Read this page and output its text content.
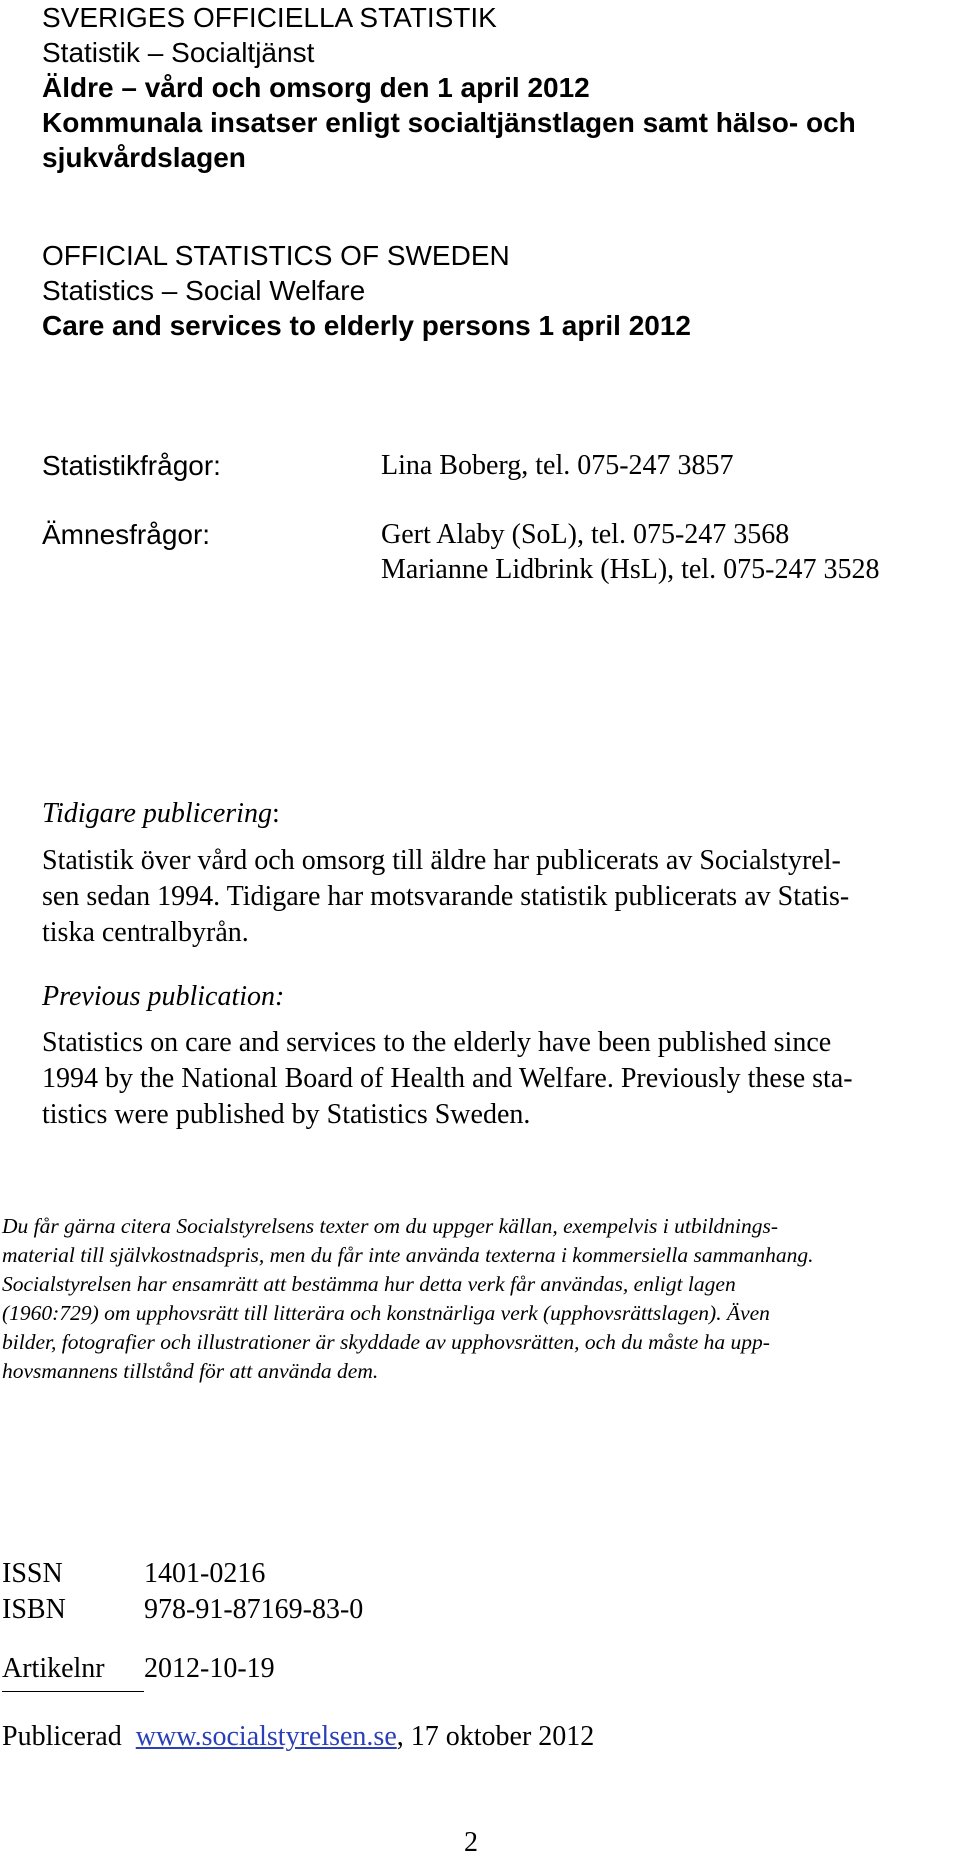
SVERIGES OFFICIELLA STATISTIK
Statistik – Socialtjänst
Äldre – vård och omsorg den 1 april 2012
Kommunala insatser enligt socialtjänstlagen samt hälso- och
sjukvårdslagen
OFFICIAL STATISTICS OF SWEDEN
Statistics – Social Welfare
Care and services to elderly persons 1 april 2012
Statistikfrågor:	Lina Boberg, tel. 075-247 3857
Ämnesfrågor:	Gert Alaby (SoL), tel. 075-247 3568
Marianne Lidbrink (HsL), tel. 075-247 3528
Tidigare publicering:
Statistik över vård och omsorg till äldre har publicerats av Socialstyrel-
sen sedan 1994. Tidigare har motsvarande statistik publicerats av Statis-
tiska centralbyrån.
Previous publication:
Statistics on care and services to the elderly have been published since
1994 by the National Board of Health and Welfare. Previously these sta-
tistics were published by Statistics Sweden.
Du får gärna citera Socialstyrelsens texter om du uppger källan, exempelvis i utbildnings-
material till självkostnadspris, men du får inte använda texterna i kommersiella sammanhang.
Socialstyrelsen har ensamrätt att bestämma hur detta verk får användas, enligt lagen
(1960:729) om upphovsrätt till litterära och konstnärliga verk (upphovsrättslagen). Även
bilder, fotografier och illustrationer är skyddade av upphovsrätten, och du måste ha upp-
hovsmannens tillstånd för att använda dem.
ISSN	1401-0216
ISBN	978-91-87169-83-0
Artikelnr 2012-10-19
Publicerad www.socialstyrelsen.se, 17 oktober 2012
2
